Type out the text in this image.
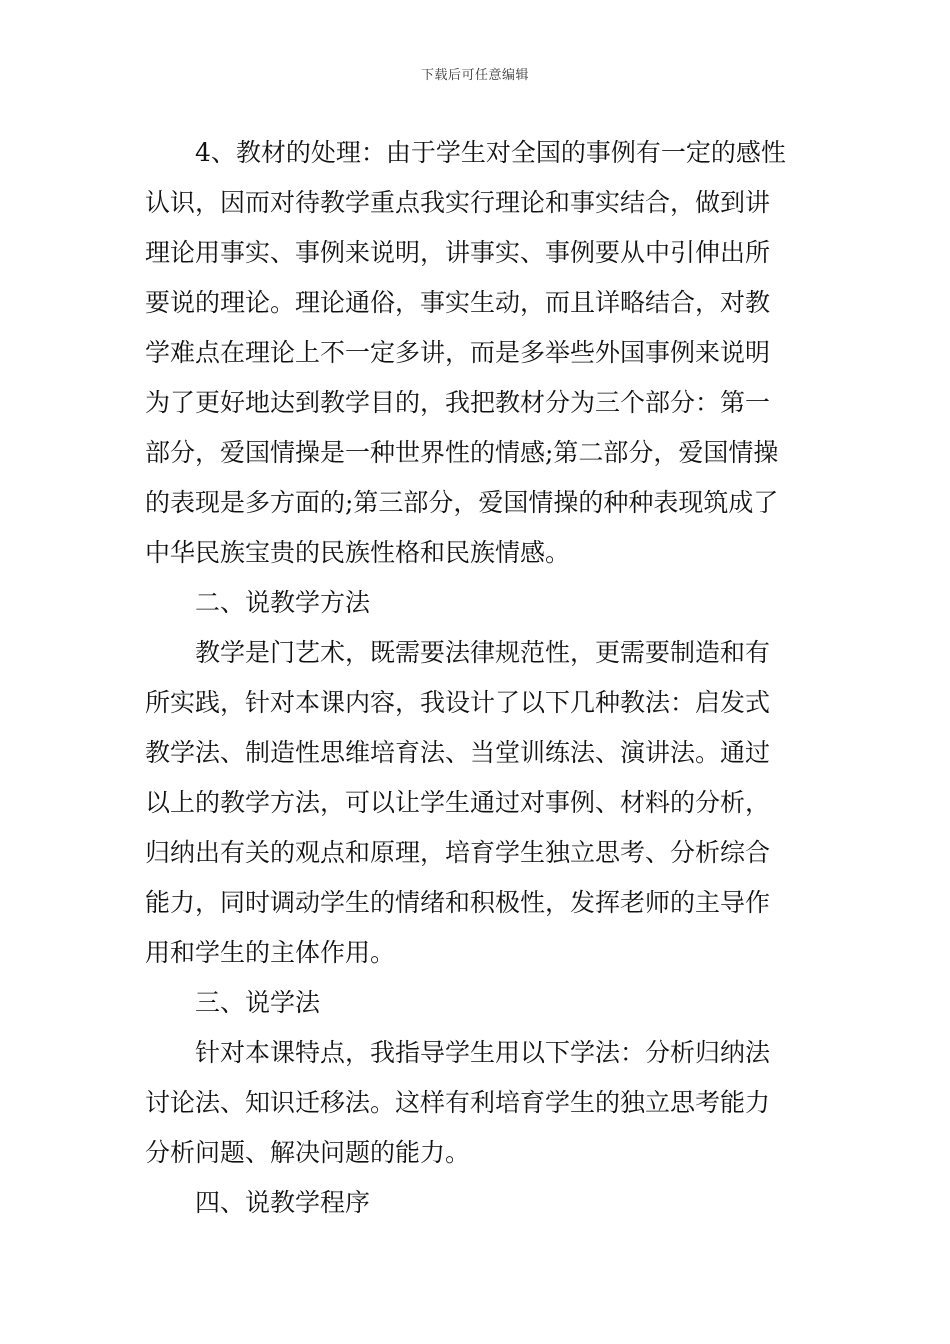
下载后可任意编辑
4、教材的处理：由于学生对全国的事例有一定的感性
认识，因而对待教学重点我实行理论和事实结合，做到讲
理论用事实、事例来说明，讲事实、事例要从中引伸出所
要说的理论。理论通俗，事实生动，而且详略结合，对教
学难点在理论上不一定多讲，而是多举些外国事例来说明
为了更好地达到教学目的，我把教材分为三个部分：第一
部分，爱国情操是一种世界性的情感;第二部分，爱国情操
的表现是多方面的;第三部分，爱国情操的种种表现筑成了
中华民族宝贵的民族性格和民族情感。
二、说教学方法
教学是门艺术，既需要法律规范性，更需要制造和有
所实践，针对本课内容，我设计了以下几种教法：启发式
教学法、制造性思维培育法、当堂训练法、演讲法。通过
以上的教学方法，可以让学生通过对事例、材料的分析，
归纳出有关的观点和原理，培育学生独立思考、分析综合
能力，同时调动学生的情绪和积极性，发挥老师的主导作
用和学生的主体作用。
三、说学法
针对本课特点，我指导学生用以下学法：分析归纳法
讨论法、知识迁移法。这样有利培育学生的独立思考能力
分析问题、解决问题的能力。
四、说教学程序
